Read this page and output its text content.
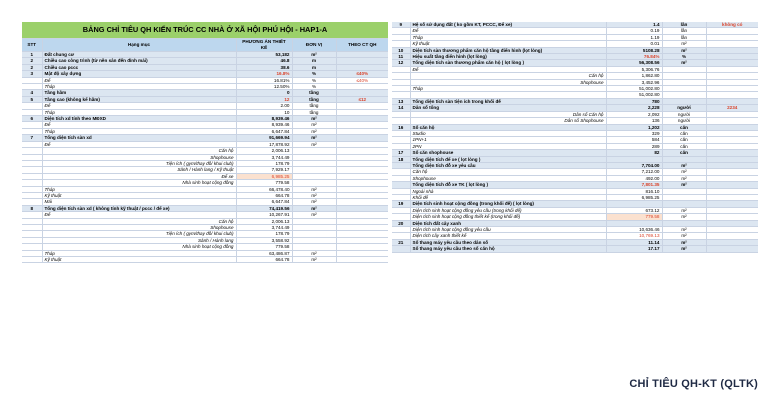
BẢNG CHỈ TIÊU QH KIẾN TRÚC CC NHÀ Ở XÃ HỘI PHÚ HỘI - HAP1-A				
STT	Hạng mục	PHƯƠNG ÁN THIẾT KẾ	ĐƠN VỊ	THEO CT QH
1	Đất chung cư	53,182	m²	
2	Chiều cao công trình (từ nền sân đến đỉnh mái)	46.8	m	
2	Chiều cao pccc	38.6	m	
3	Mật độ xây dựng	16.8%	%	≤40%
	Đế	16.81%	%	≤40%
	Tháp	12.50%	%	
4	Tầng hầm	0	tầng	
5	Tầng cao (không kể hầm)	12	tầng	≤12
	Đế	2.00	tầng	
	Tháp	10	tầng	
6	Diện tích xd tính theo MĐXD	8,939.46	m²	
	Đế	8,939.46	m²	
	Tháp	6,647.84	m²	
7	Tổng diện tích sàn xd	91,669.94	m²	
	Đế	17,878.92	m²	
	Căn hộ	2,006.13		
	Shophouse	3,744.49		
	Tiện ích ( gym/thay đồ/ khui club)	178.79		
	Sảnh / Hành lang / Kỹ thuật	7,929.17		
	Để xe	6,985.25		
	Nhà sinh hoạt cộng đồng	779.58		
	Tháp	66,478.40	m²	
	Kỹ thuật	664.78	m²	
	Mái	6,647.84	m²	
8	Tổng diện tích sàn xd ( không tính kỹ thuật / pccc / để xe)	74,419.56	m²	
	Đế	10,267.91	m²	
	Căn hộ	2,006.13		
	Shophouse	3,744.49		
	Tiện ích ( gym/thay đồ/ khui club)	178.79		
	Sảnh / Hành lang	3,558.92		
	Nhà sinh hoạt cộng đồng	779.58		
	Tháp	63,486.87	m²	
	Kỹ thuật	664.78	m²	
9	Hệ số sử dụng đất ( ko gồm KT, PCCC, Để xe)	1.4	lần	không có
	Đế	0.19	lần	
	Tháp	1.19	lần	
	Kỹ thuật	0.01	m²	
10	Diện tích sàn thương phẩm căn hộ tầng điển hình (lọt lòng)	5108.28	m²	
11	Hiệu suất tầng điển hình (lọt lòng)	76.84%	%	
12	Tổng diện tích sàn thương phẩm căn hộ ( lọt lòng )	56,308.56	m²	
	Đế	5,306.76		
	Căn hộ	1,862.80		
	Shophouse	3,452.96		
	Tháp	51,002.80		
		51,002.80		
13	Tổng diện tích sàn tiện ích trong khối đế	780		
14	Dân số tổng	2,228	người	2234
	Dân số Căn hộ	2,092	người	
	Dân số Shophouse	136	người	
16	Số căn hộ	1,202	căn	
	Studio	329	căn	
	1PN+1	584	căn	
	2PN	289	căn	
17	Số căn shophouse	82	căn	
18	Tổng diện tích để xe ( lọt lòng )			
	Tổng diện tích đỗ xe yêu cầu	7,704.00	m²	
	Căn hộ	7,212.00	m²	
	Shophouse	492.00	m²	
	Tổng diện tích đỗ xe TK ( lọt lòng )	7,801.35	m²	
	Ngoài nhà	816.10		
	Khối đế	6,985.25		
19	Diện tích sinh hoạt cộng đồng (trong khối đế) ( lọt lòng)			
	Diện tích sinh hoạt cộng đồng yêu cầu (trong khối đế)	673.12	m²	
	Diện tích sinh hoạt cộng đồng thiết kế (trong khối đế)	779.58	m²	
20	Diện tích đất cây xanh			
	Diện tích sinh hoạt cộng đồng yêu cầu	10,636.46	m²	
	Diện tích cây xanh thiết kế	10,769.13	m²	
21	Số thang máy yêu cầu theo dân số	11.14	m²	
	Số thang máy yêu cầu theo số căn hộ	17.17	m²	
CHỈ TIÊU QH-KT (QLTK)
